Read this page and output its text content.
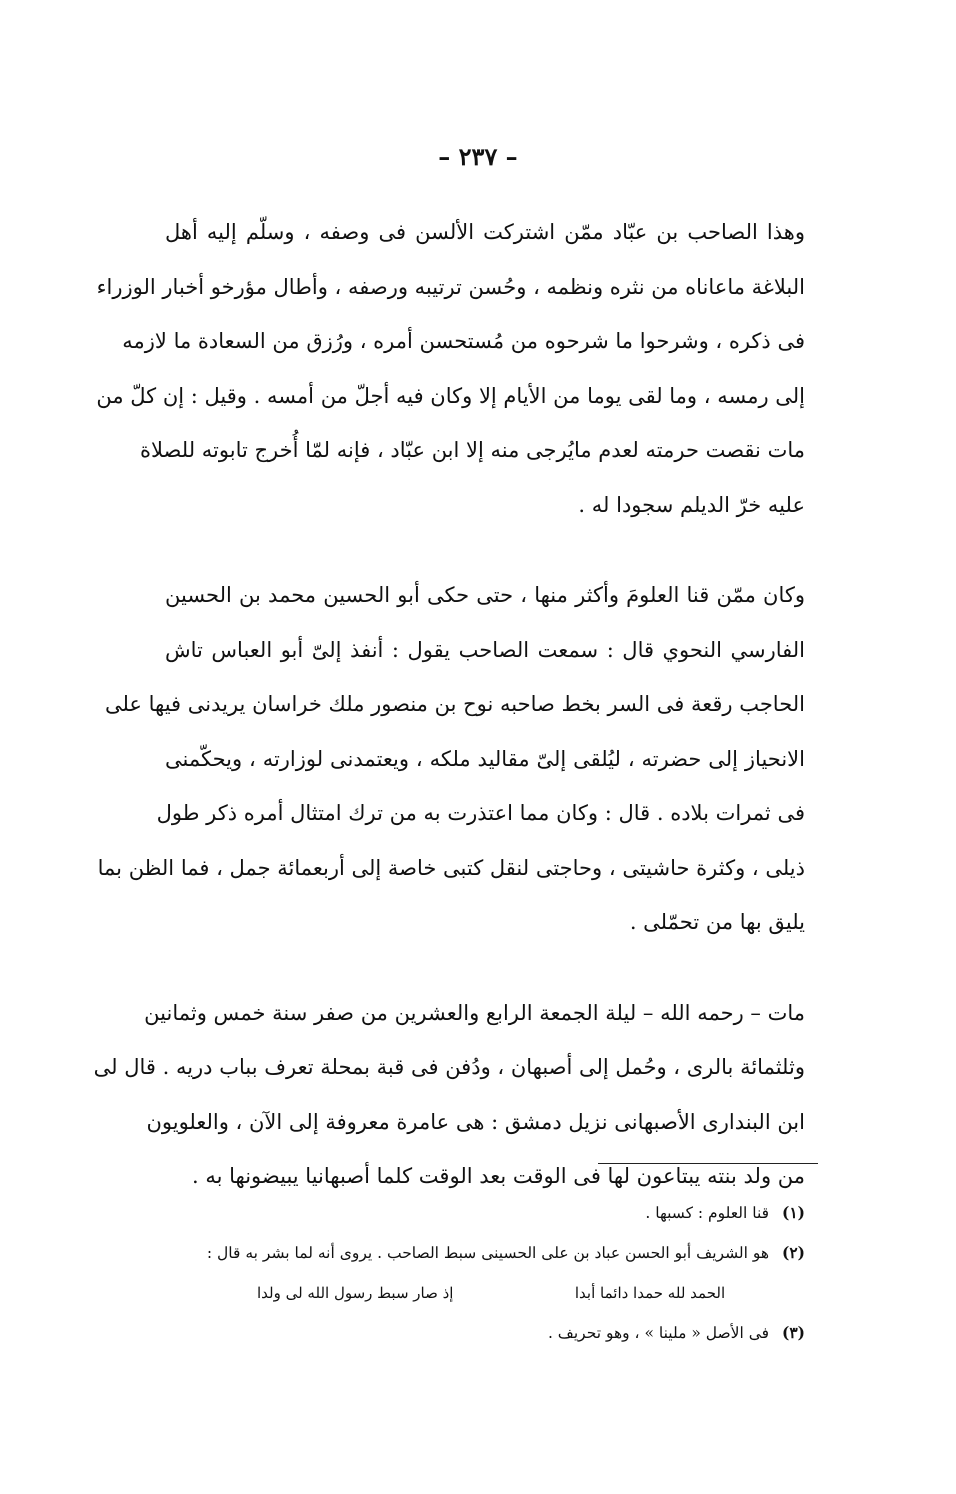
– ٢٣٧ –
وهذا الصاحب بن عبّاد ممّن اشتركت الألسن فى وصفه ، وسلّم إليه أهل
البلاغة ماعاناه من نثره ونظمه ، وحُسن ترتيبه ورصفه ، وأطال مؤرخو أخبار الوزراء
فى ذكره ، وشرحوا ما شرحوه من مُستحسن أمره ، ورُزق من السعادة ما لازمه
إلى رمسه ، وما لقى يوما من الأيام إلا وكان فيه أجلّ من أمسه . وقيل : إن كلّ من
مات نقصت حرمته لعدم مايُرجى منه إلا ابن عبّاد ، فإنه لمّا أُخرج تابوته للصلاة
عليه خرّ الديلم سجودا له .
وكان ممّن قنا العلومَ وأكثر منها ، حتى حكى أبو الحسين محمد بن الحسين
الفارسي النحوي قال : سمعت الصاحب يقول : أنفذ إلىّ أبو العباس تاش
الحاجب رقعة فى السر بخط صاحبه نوح بن منصور ملك خراسان يريدنى فيها على
الانحياز إلى حضرته ، ليُلقى إلىّ مقاليد ملكه ، ويعتمدنى لوزارته ، ويحكّمنى
فى ثمرات بلاده . قال : وكان مما اعتذرت به من ترك امتثال أمره ذكر طول
ذيلى ، وكثرة حاشيتى ، وحاجتى لنقل كتبى خاصة إلى أربعمائة جمل ، فما الظن بما
يليق بها من تحمّلى .
مات – رحمه الله – ليلة الجمعة الرابع والعشرين من صفر سنة خمس وثمانين
وثلثمائة بالرى ، وحُمل إلى أصبهان ، ودُفن فى قبة بمحلة تعرف بباب دريه . قال لى
ابن البندارى الأصبهانى نزيل دمشق : هى عامرة معروفة إلى الآن ، والعلويون
من ولد بنته يبتاعون لها فى الوقت بعد الوقت كلما أصبهانيا يبيضونها به .
(١) قنا العلوم : كسبها .
(٢) هو الشريف أبو الحسن عباد بن على الحسينى سبط الصاحب . يروى أنه لما بشر به قال :
الحمد لله حمدا دائما أبدا إذ صار سبط رسول الله لى ولدا
(٣) فى الأصل « ملينا » ، وهو تحريف .
